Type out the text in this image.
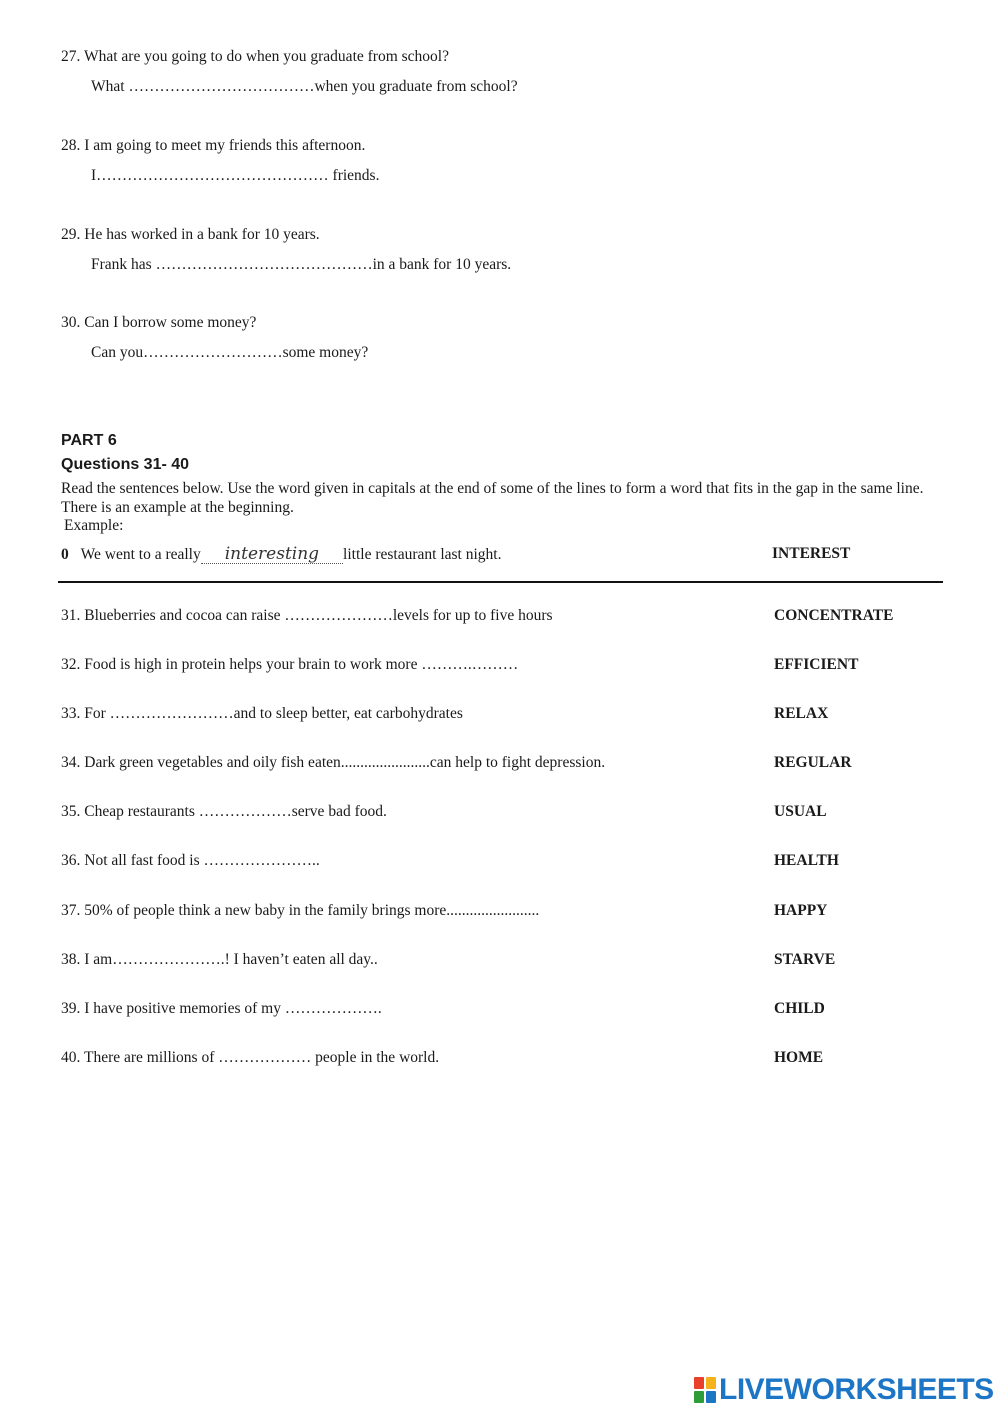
27. What are you going to do when you graduate from school?
What ………………………………when you graduate from school?
28. I am going to meet my friends this afternoon.
I……………………………………… friends.
29. He has worked in a bank for 10 years.
Frank has ……………………………………in a bank for 10 years.
30. Can I borrow some money?
Can you………………………some money?
PART 6
Questions 31- 40
Read the sentences below. Use the word given in capitals at the end of some of the lines to form a word that fits in the gap in the same line. There is an example at the beginning.
Example:
0 We went to a really interesting little restaurant last night.	INTEREST
31. Blueberries and cocoa can raise …………………levels for up to five hours	CONCENTRATE
32. Food is high in protein helps your brain to work more ……….………	EFFICIENT
33. For ……………………and to sleep better, eat carbohydrates	RELAX
34. Dark green vegetables and oily fish eaten.......................can help to fight depression.	REGULAR
35. Cheap restaurants ………………serve bad food.	USUAL
36. Not all fast food is …………………..	HEALTH
37. 50% of people think a new baby in the family brings more........................	HAPPY
38. I am………………….! I haven’t eaten all day..	STARVE
39. I have positive memories of my ……………….	CHILD
40. There are millions of ……………… people in the world.	HOME
LIVEWORKSHEETS
